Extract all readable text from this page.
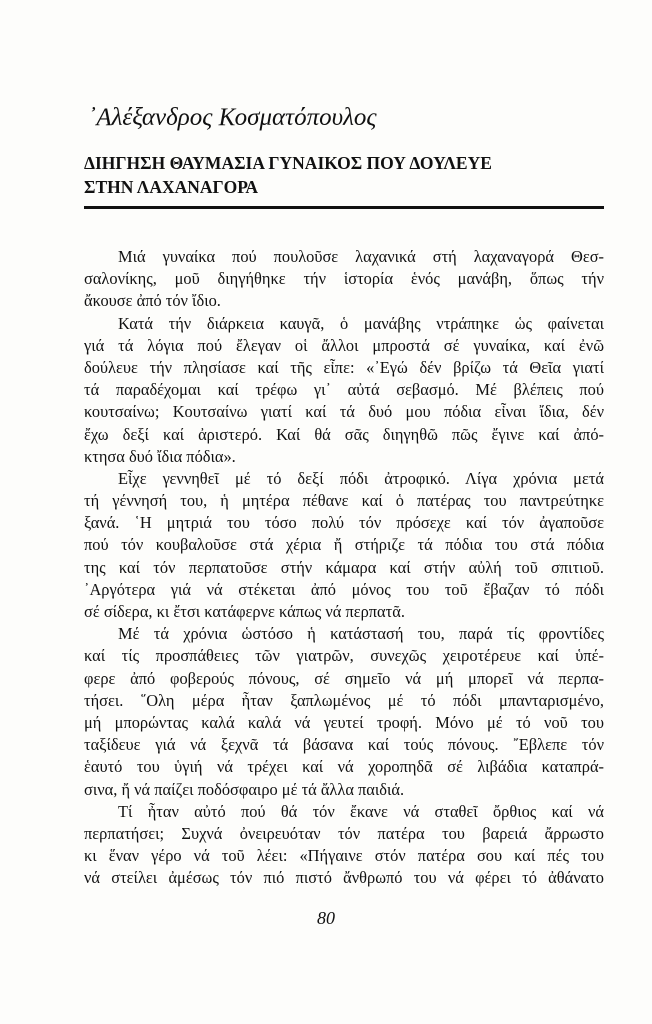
᾿Αλέξανδρος Κοσματόπουλος
ΔΙΗΓΗΣΗ ΘΑΥΜΑΣΙΑ ΓΥΝΑΙΚΟΣ ΠΟΥ ΔΟΥΛΕΥΕ
ΣΤΗΝ ΛΑΧΑΝΑΓΟΡΑ
Μιά γυναίκα πού πουλοῦσε λαχανικά στή λαχαναγορά Θεσ-
σαλονίκης, μοῦ διηγήθηκε τήν ἱστορία ἑνός μανάβη, ὅπως τήν
ἄκουσε ἀπό τόν ἴδιο.
Κατά τήν διάρκεια καυγᾶ, ὁ μανάβης ντράπηκε ὡς φαίνεται
γιά τά λόγια πού ἔλεγαν οἱ ἄλλοι μπροστά σέ γυναίκα, καί ἐνῶ
δούλευε τήν πλησίασε καί τῆς εἶπε: «᾿Εγώ δέν βρίζω τά Θεῖα γιατί
τά παραδέχομαι καί τρέφω γι᾿ αὐτά σεβασμό. Μέ βλέπεις πού
κουτσαίνω; Κουτσαίνω γιατί καί τά δυό μου πόδια εἶναι ἴδια, δέν
ἔχω δεξί καί ἀριστερό. Καί θά σᾶς διηγηθῶ πῶς ἔγινε καί ἀπό-
κτησα δυό ἴδια πόδια».
Εἶχε γεννηθεῖ μέ τό δεξί πόδι ἀτροφικό. Λίγα χρόνια μετά
τή γέννησή του, ἡ μητέρα πέθανε καί ὁ πατέρας του παντρεύτηκε
ξανά. ῾Η μητριά του τόσο πολύ τόν πρόσεχε καί τόν ἀγαποῦσε
πού τόν κουβαλοῦσε στά χέρια ἤ στήριζε τά πόδια του στά πόδια
της καί τόν περπατοῦσε στήν κάμαρα καί στήν αὐλή τοῦ σπιτιοῦ.
᾿Αργότερα γιά νά στέκεται ἀπό μόνος του τοῦ ἔβαζαν τό πόδι
σέ σίδερα, κι ἔτσι κατάφερνε κάπως νά περπατᾶ.
Μέ τά χρόνια ὡστόσο ἡ κατάστασή του, παρά τίς φροντίδες
καί τίς προσπάθειες τῶν γιατρῶν, συνεχῶς χειροτέρευε καί ὑπέ-
φερε ἀπό φοβερούς πόνους, σέ σημεῖο νά μή μπορεῖ νά περπα-
τήσει. ῞Ολη μέρα ἦταν ξαπλωμένος μέ τό πόδι μπανταρισμένο,
μή μπορώντας καλά καλά νά γευτεί τροφή. Μόνο μέ τό νοῦ του
ταξίδευε γιά νά ξεχνᾶ τά βάσανα καί τούς πόνους. ῎Εβλεπε τόν
ἑαυτό του ὑγιή νά τρέχει καί νά χοροπηδᾶ σέ λιβάδια καταπρά-
σινα, ἤ νά παίζει ποδόσφαιρο μέ τά ἄλλα παιδιά.
Τί ἦταν αὐτό πού θά τόν ἔκανε νά σταθεῖ ὄρθιος καί νά
περπατήσει; Συχνά ὀνειρευόταν τόν πατέρα του βαρειά ἄρρωστο
κι ἕναν γέρο νά τοῦ λέει: «Πήγαινε στόν πατέρα σου καί πές του
νά στείλει ἀμέσως τόν πιό πιστό ἄνθρωπό του νά φέρει τό ἀθάνατο
80
